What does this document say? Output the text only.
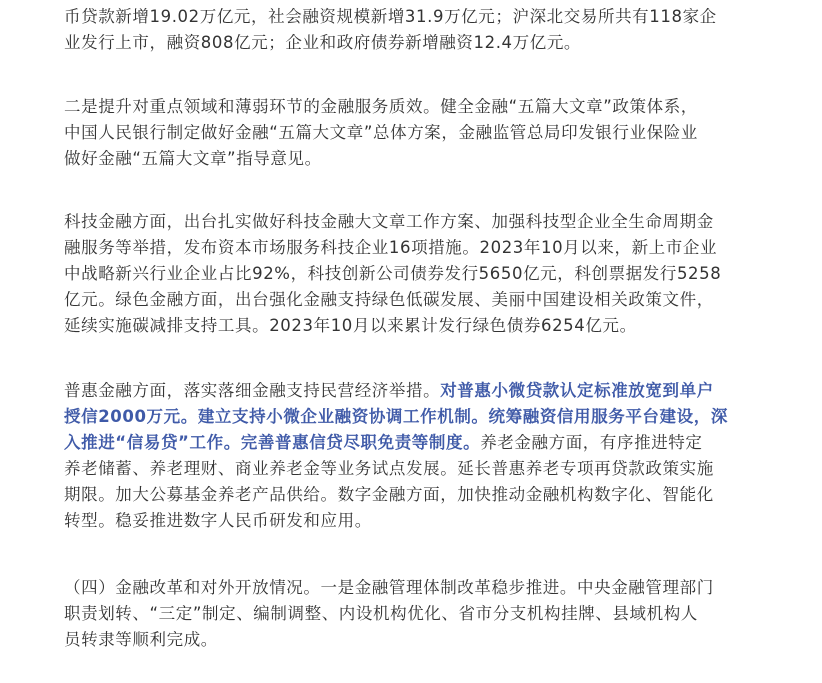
币贷款新增19.02万亿元，社会融资规模新增31.9万亿元；沪深北交易所共有118家企
业发行上市，融资808亿元；企业和政府债券新增融资12.4万亿元。

二是提升对重点领域和薄弱环节的金融服务质效。健全金融“五篇大文章”政策体系，
中国人民银行制定做好金融“五篇大文章”总体方案，金融监管总局印发银行业保险业
做好金融“五篇大文章”指导意见。

科技金融方面，出台扎实做好科技金融大文章工作方案、加强科技型企业全生命周期金
融服务等举措，发布资本市场服务科技企业16项措施。2023年10月以来，新上市企业
中战略新兴行业企业占比92%，科技创新公司债券发行5650亿元，科创票据发行5258
亿元。绿色金融方面，出台强化金融支持绿色低碳发展、美丽中国建设相关政策文件，
延续实施碳减排支持工具。2023年10月以来累计发行绿色债券6254亿元。

普惠金融方面，落实落细金融支持民营经济举措。对普惠小微贷款认定标准放宽到单户
授信2000万元。建立支持小微企业融资协调工作机制。统筹融资信用服务平台建设，深
入推进“信易贷”工作。完善普惠信贷尽职免责等制度。养老金融方面，有序推进特定
养老储蓄、养老理财、商业养老金等业务试点发展。延长普惠养老专项再贷款政策实施
期限。加大公募基金养老产品供给。数字金融方面，加快推动金融机构数字化、智能化
转型。稳妥推进数字人民币研发和应用。

（四）金融改革和对外开放情况。一是金融管理体制改革稳步推进。中央金融管理部门
职责划转、“三定”制定、编制调整、内设机构优化、省市分支机构挂牌、县域机构人
员转隶等顺利完成。
